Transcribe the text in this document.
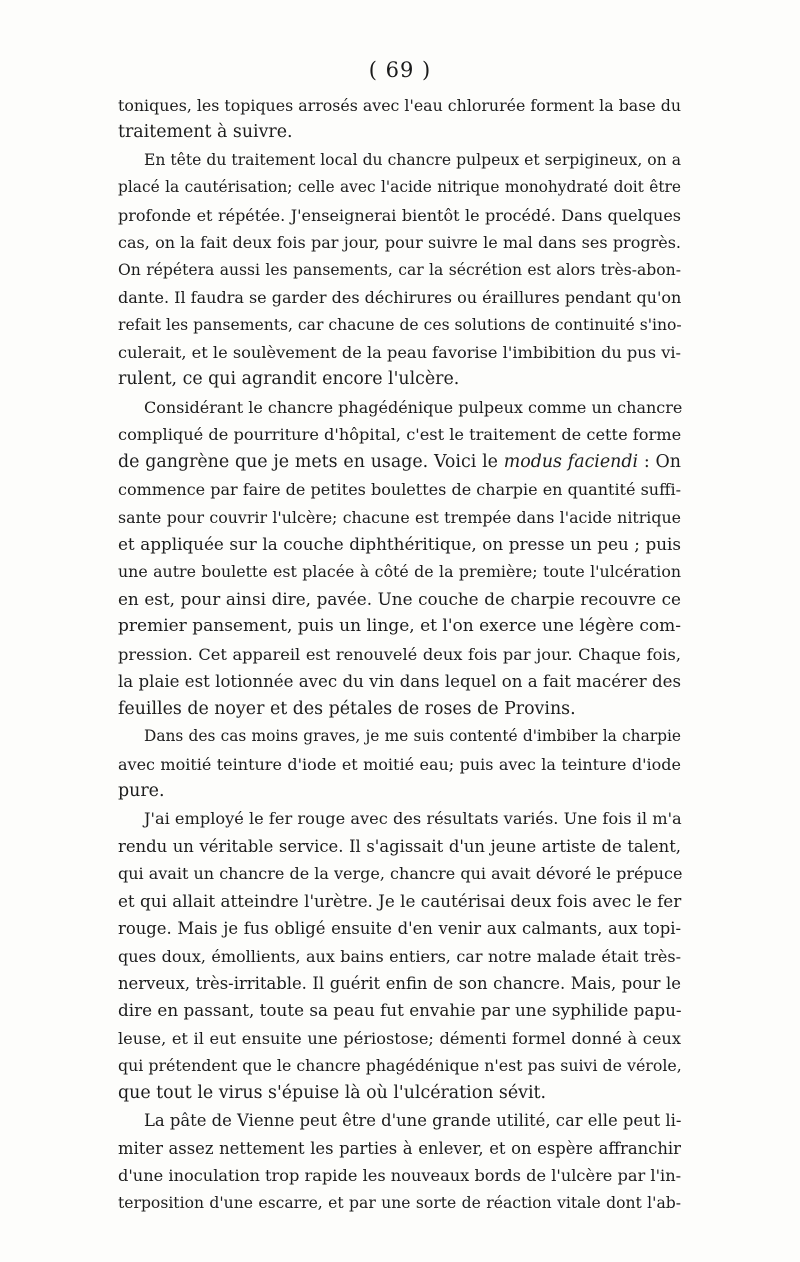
( 69 )
toniques, les topiques arrosés avec l'eau chlorurée forment la base du
traitement à suivre.
En tête du traitement local du chancre pulpeux et serpigineux, on a
placé la cautérisation; celle avec l'acide nitrique monohydraté doit être
profonde et répétée. J'enseignerai bientôt le procédé. Dans quelques
cas, on la fait deux fois par jour, pour suivre le mal dans ses progrès.
On répétera aussi les pansements, car la sécrétion est alors très-abon-
dante. Il faudra se garder des déchirures ou éraillures pendant qu'on
refait les pansements, car chacune de ces solutions de continuité s'ino-
culerait, et le soulèvement de la peau favorise l'imbibition du pus vi-
rulent, ce qui agrandit encore l'ulcère.
Considérant le chancre phagédénique pulpeux comme un chancre
compliqué de pourriture d'hôpital, c'est le traitement de cette forme
de gangrène que je mets en usage. Voici le modus faciendi : On
commence par faire de petites boulettes de charpie en quantité suffi-
sante pour couvrir l'ulcère; chacune est trempée dans l'acide nitrique
et appliquée sur la couche diphthéritique, on presse un peu ; puis
une autre boulette est placée à côté de la première; toute l'ulcération
en est, pour ainsi dire, pavée. Une couche de charpie recouvre ce
premier pansement, puis un linge, et l'on exerce une légère com-
pression. Cet appareil est renouvelé deux fois par jour. Chaque fois,
la plaie est lotionnée avec du vin dans lequel on a fait macérer des
feuilles de noyer et des pétales de roses de Provins.
Dans des cas moins graves, je me suis contenté d'imbiber la charpie
avec moitié teinture d'iode et moitié eau; puis avec la teinture d'iode
pure.
J'ai employé le fer rouge avec des résultats variés. Une fois il m'a
rendu un véritable service. Il s'agissait d'un jeune artiste de talent,
qui avait un chancre de la verge, chancre qui avait dévoré le prépuce
et qui allait atteindre l'urètre. Je le cautérisai deux fois avec le fer
rouge. Mais je fus obligé ensuite d'en venir aux calmants, aux topi-
ques doux, émollients, aux bains entiers, car notre malade était très-
nerveux, très-irritable. Il guérit enfin de son chancre. Mais, pour le
dire en passant, toute sa peau fut envahie par une syphilide papu-
leuse, et il eut ensuite une périostose; démenti formel donné à ceux
qui prétendent que le chancre phagédénique n'est pas suivi de vérole,
que tout le virus s'épuise là où l'ulcération sévit.
La pâte de Vienne peut être d'une grande utilité, car elle peut li-
miter assez nettement les parties à enlever, et on espère affranchir
d'une inoculation trop rapide les nouveaux bords de l'ulcère par l'in-
terposition d'une escarre, et par une sorte de réaction vitale dont l'ab-
